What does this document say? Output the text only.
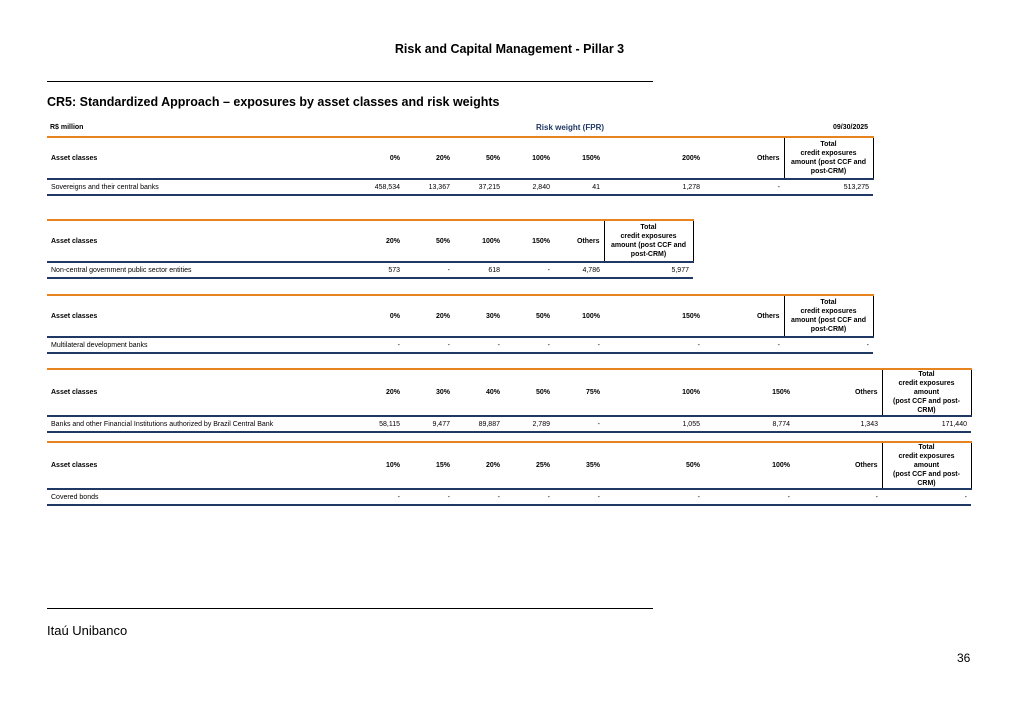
Risk and Capital Management - Pillar 3
CR5: Standardized Approach – exposures by asset classes and risk weights
R$ million	Risk weight (FPR)	09/30/2025
Asset classes	0%	20%	50%	100%	150%	200%	Others	Total
credit exposures
amount (post CCF and
post-CRM)

Sovereigns and their central banks	458,534	13,367	37,215	2,840	41	1,278	-	513,275
Asset classes	20%	50%	100%	150%	Others	Total
credit exposures
amount (post CCF and
post-CRM)

Non-central government public sector entities	573	-	618	-	4,786	5,977
Asset classes	0%	20%	30%	50%	100%	150%	Others	Total
credit exposures
amount (post CCF and
post-CRM)

Multilateral development banks	-	-	-	-	-	-	-	-
Asset classes	20%	30%	40%	50%	75%	100%	150%	Others	Total
credit exposures amount
(post CCF and post-
CRM)

Banks and other Financial Institutions authorized by Brazil Central Bank	58,115	9,477	89,887	2,789	-	1,055	8,774	1,343	171,440
Asset classes	10%	15%	20%	25%	35%	50%	100%	Others	Total
credit exposures amount
(post CCF and post-
CRM)

Covered bonds	-	-	-	-	-	-	-	-	-
Itaú Unibanco
36
